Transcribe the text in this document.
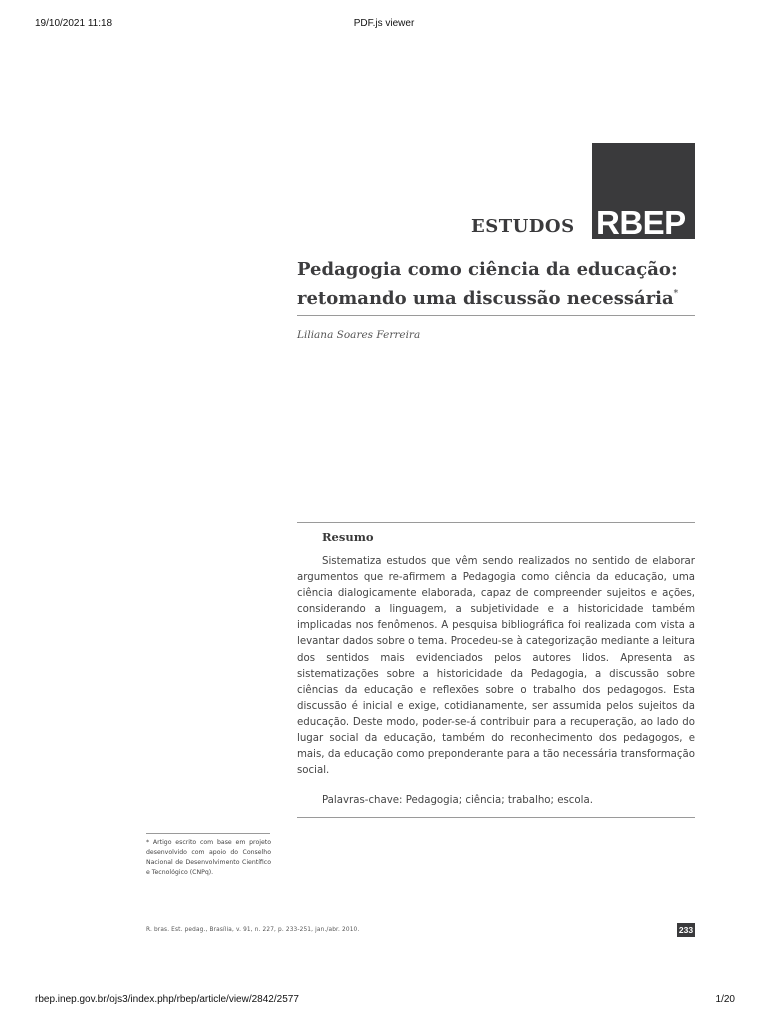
19/10/2021 11:18	PDF.js viewer
ESTUDOS RBEP
Pedagogia como ciência da educação:
retomando uma discussão necessária*
Liliana Soares Ferreira
Resumo

Sistematiza estudos que vêm sendo realizados no sentido de elaborar argumentos que re-afirmem a Pedagogia como ciência da educação, uma ciência dialogicamente elaborada, capaz de compreender sujeitos e ações, considerando a linguagem, a subjetividade e a historicidade também implicadas nos fenômenos. A pesquisa bibliográfica foi realizada com vista a levantar dados sobre o tema. Procedeu-se à categorização mediante a leitura dos sentidos mais evidenciados pelos autores lidos. Apresenta as sistematizações sobre a historicidade da Pedagogia, a discussão sobre ciências da educação e reflexões sobre o trabalho dos pedagogos. Esta discussão é inicial e exige, cotidianamente, ser assumida pelos sujeitos da educação. Deste modo, poder-se-á contribuir para a recuperação, ao lado do lugar social da educação, também do reconhecimento dos pedagogos, e mais, da educação como preponderante para a tão necessária transformação social.

Palavras-chave: Pedagogia; ciência; trabalho; escola.

* Artigo escrito com base em projeto desenvolvido com apoio do Conselho Nacional de Desenvolvimento Científico e Tecnológico (CNPq).

R. bras. Est. pedag., Brasília, v. 91, n. 227, p. 233-251, jan./abr. 2010.	233
rbep.inep.gov.br/ojs3/index.php/rbep/article/view/2842/2577	1/20
